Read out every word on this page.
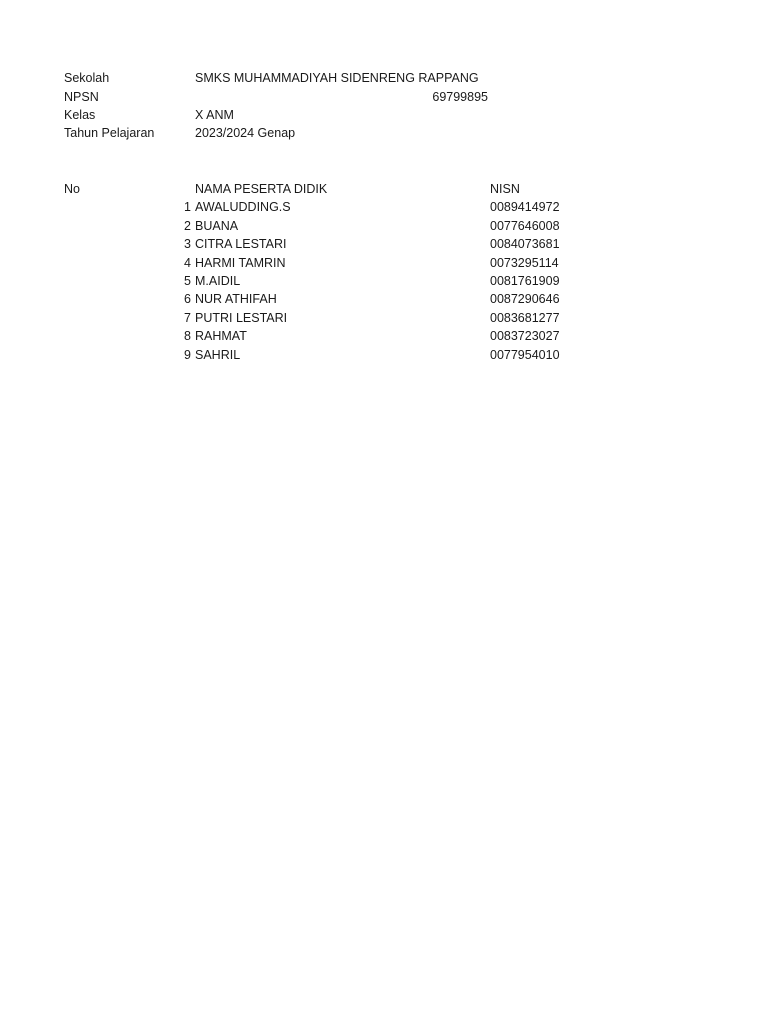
Sekolah	SMKS MUHAMMADIYAH SIDENRENG RAPPANG
NPSN	69799895
Kelas	X ANM
Tahun Pelajaran	2023/2024 Genap
No	NAMA PESERTA DIDIK	NISN
1 AWALUDDING.S	0089414972
2 BUANA	0077646008
3 CITRA LESTARI	0084073681
4 HARMI TAMRIN	0073295114
5 M.AIDIL	0081761909
6 NUR ATHIFAH	0087290646
7 PUTRI LESTARI	0083681277
8 RAHMAT	0083723027
9 SAHRIL	0077954010
